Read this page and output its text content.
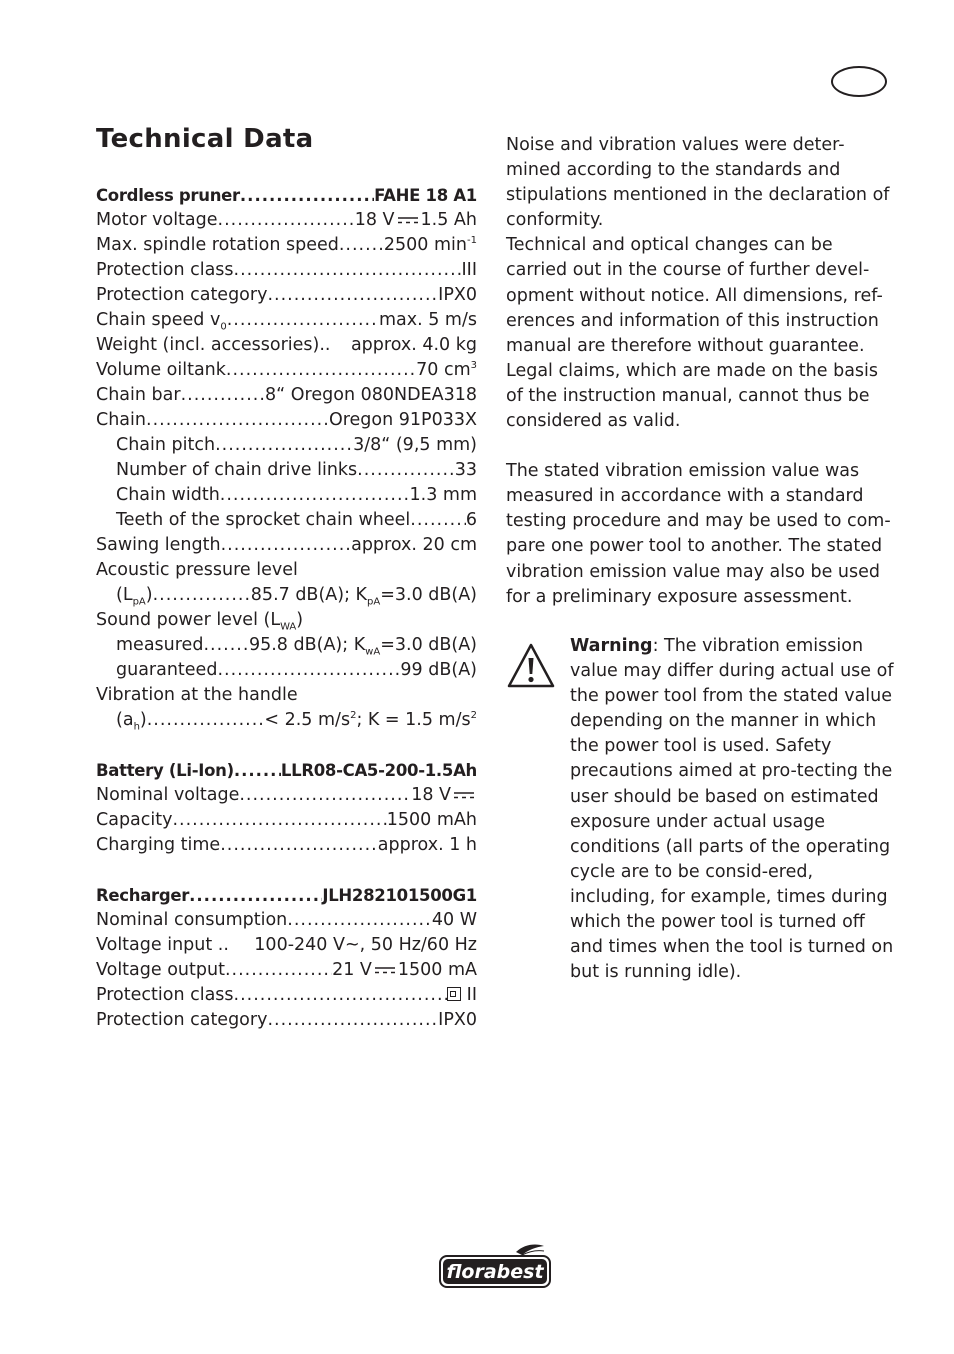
Technical Data
Cordless pruner .....	FAHE 18 A1
Motor voltage .....	18 V 1.5 Ah
Max. spindle rotation speed .....	2500 $\min^{-1}$
Protection class .....	III
Protection category .....	IPX0
Chain speed $v_0$ .....	max. 5 m/s
Weight (incl. accessories).. approx. 4.0 kg
Volume oiltank .....	70 $cm^3$
Chain bar .....	8“ Oregon 080NDEA318
Chain .....	Oregon 91P033X
Chain pitch .....	3/8“ (9,5 mm)
Number of chain drive links .....	33
Chain width .....	1.3 mm
Teeth of the sprocket chain wheel .....	6
Sawing length .....	approx. 20 cm
Acoustic pressure level
$(L_{pA})$ .....	85.7 dB(A); $K_{pA}=3.0$ dB(A)
Sound power level $(L_{WA})$
measured .....	95.8 dB(A); $K_{wA}=3.0$ dB(A)
guaranteed .....	99 dB(A)
Vibration at the handle
$(a_h)$ .....	< 2.5 $m/s^2$; K = 1.5 $m/s^2$
Battery (Li-Ion) .....	LLR08-CA5-200-1.5Ah
Nominal voltage .....	18 V
Capacity .....	1500 mAh
Charging time .....	approx. 1 h
Recharger .....	JLH282101500G1
Nominal consumption .....	40 W
Voltage input .. 100-240 V~, 50 Hz/60 Hz
Voltage output .....	21 V 1500 mA
Protection class .....	II
Protection category .....	IPX0

Noise and vibration values were deter-mined according to the standards and stipulations mentioned in the declaration of conformity.

Technical and optical changes can be carried out in the course of further devel-opment without notice. All dimensions, ref-erences and information of this instruction manual are therefore without guarantee. Legal claims, which are made on the basis of the instruction manual, cannot thus be considered as valid.

The stated vibration emission value was measured in accordance with a standard testing procedure and may be used to com-pare one power tool to another. The stated vibration emission value may also be used for a preliminary exposure assessment.

Warning: The vibration emission value may differ during actual use of the power tool from the stated value depending on the manner in which the power tool is used. Safety precautions aimed at pro-tecting the user should be based on estimated exposure under actual usage conditions (all parts of the operating cycle are to be consid-ered, including, for example, times during which the power tool is turned off and times when the tool is turned on but is running idle).

florabest
